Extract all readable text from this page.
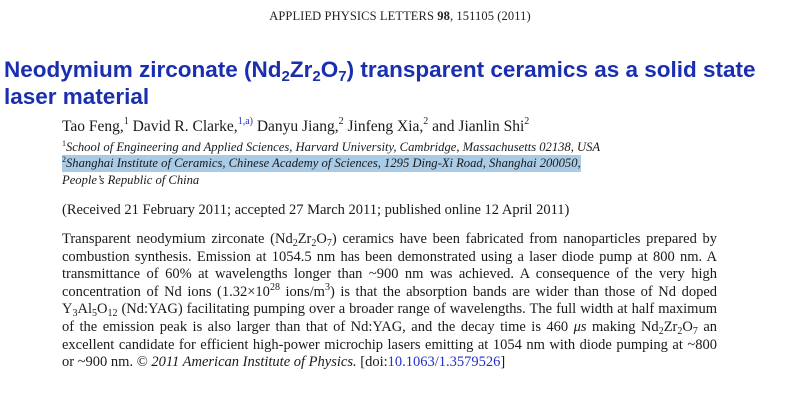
APPLIED PHYSICS LETTERS 98, 151105 (2011)
Neodymium zirconate $(Nd_2Zr_2O_7)$ transparent ceramics as a solid state laser material
Tao Feng,$^1$ David R. Clarke,$^{1,a)}$ Danyu Jiang,$^2$ Jinfeng Xia,$^2$ and Jianlin Shi$^2$
$^1$School of Engineering and Applied Sciences, Harvard University, Cambridge, Massachusetts 02138, USA
$^2$Shanghai Institute of Ceramics, Chinese Academy of Sciences, 1295 Ding-Xi Road, Shanghai 200050,
People’s Republic of China
(Received 21 February 2011; accepted 27 March 2011; published online 12 April 2011)

Transparent neodymium zirconate $(Nd_2Zr_2O_7)$ ceramics have been fabricated from nanoparticles prepared by combustion synthesis. Emission at 1054.5 nm has been demonstrated using a laser diode pump at 800 nm. A transmittance of 60% at wavelengths longer than ~900 nm was achieved. A consequence of the very high concentration of Nd ions ($1.32\times 10^{28}$ ions/$m^3$) is that the absorption bands are wider than those of Nd doped $Y_3Al_5O_{12}$ (Nd:YAG) facilitating pumping over a broader range of wavelengths. The full width at half maximum of the emission peak is also larger than that of Nd:YAG, and the decay time is 460 μs making $Nd_2Zr_2O_7$ an excellent candidate for efficient high-power microchip lasers emitting at 1054 nm with diode pumping at ~800 or ~900 nm. © 2011 American Institute of Physics. [doi:10.1063/1.3579526]
